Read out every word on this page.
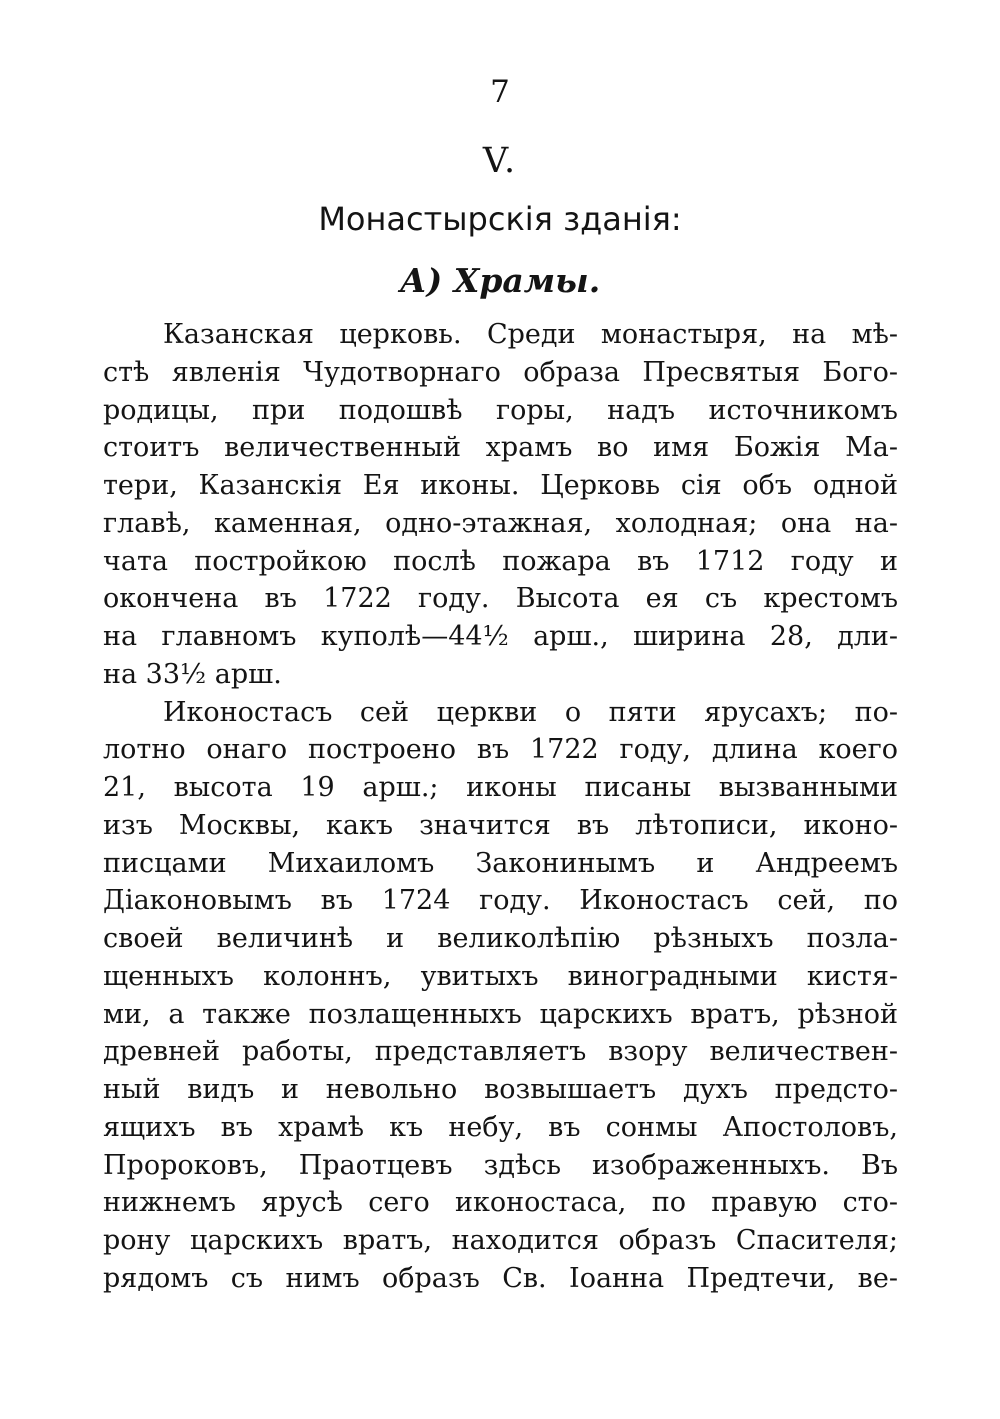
7
V.
Монастырскія зданія:
А) Храмы.
Казанская церковь. Среди монастыря, на мѣ-
стѣ явленія Чудотворнаго образа Пресвятыя Бого-
родицы, при подошвѣ горы, надъ источникомъ
стоитъ величественный храмъ во имя Божія Ма-
тери, Казанскія Ея иконы. Церковь сія объ одной
главѣ, каменная, одно-этажная, холодная; она на-
чата постройкою послѣ пожара въ 1712 году и
окончена въ 1722 году. Высота ея съ крестомъ
на главномъ куполѣ—44½ арш., ширина 28, дли-
на 33½ арш.
Иконостасъ сей церкви о пяти ярусахъ; по-
лотно онаго построено въ 1722 году, длина коего
21, высота 19 арш.; иконы писаны вызванными
изъ Москвы, какъ значится въ лѣтописи, иконо-
писцами Михаиломъ Законинымъ и Андреемъ
Діаконовымъ въ 1724 году. Иконостасъ сей, по
своей величинѣ и великолѣпію рѣзныхъ позла-
щенныхъ колоннъ, увитыхъ виноградными кистя-
ми, а также позлащенныхъ царскихъ вратъ, рѣзной
древней работы, представляетъ взору величествен-
ный видъ и невольно возвышаетъ духъ предсто-
ящихъ въ храмѣ къ небу, въ сонмы Апостоловъ,
Пророковъ, Праотцевъ здѣсь изображенныхъ. Въ
нижнемъ ярусѣ сего иконостаса, по правую сто-
рону царскихъ вратъ, находится образъ Спасителя;
рядомъ съ нимъ образъ Св. Іоанна Предтечи, ве-
